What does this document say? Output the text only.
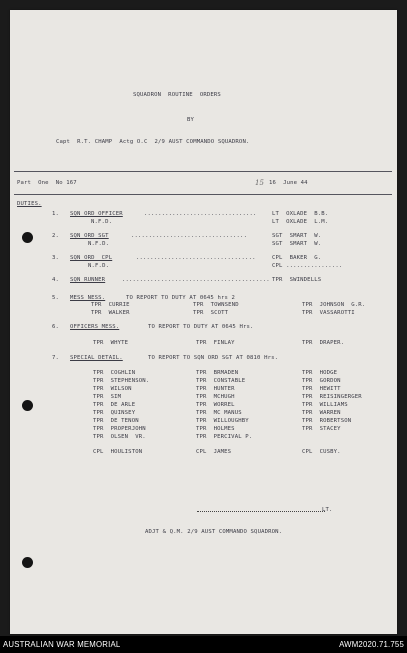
SQUADRON  ROUTINE  ORDERS
BY
Capt  R.T. CHAMP  Actg O.C  2/9 AUST COMMANDO SQUADRON.
Part  One  No 167	15 16  June 44
DUTIES.
1. SQN ORD OFFICER	................................	LT  OXLADE  B.B.
N.F.D.	LT  OXLADE  L.M.
2. SQN ORD SGT	.................................	SGT  SMART  W.
N.F.D.	SGT  SMART  W.
3. SQN ORD  CPL	..................................	CPL  BAKER  G.
N.F.D.	CPL ................
4. SQN RUNNER	.......................................... TPR  SWINDELLS
5. MESS NESS.	TO REPORT TO DUTY AT 0645 hrs 2
TPR  CURRIE	TPR  TOWNSEND	TPR  JOHNSON  G.R.
TPR  WALKER	TPR  SCOTT	TPR  VASSAROTTI
6. OFFICERS MESS.	TO REPORT TO DUTY AT 0645 Hrs.
TPR  WHYTE	TPR  FINLAY	TPR  DRAPER.
7. SPECIAL DETAIL.	TO REPORT TO SQN ORD SGT AT 0810 Hrs.
TPR  COGHLIN	TPR  BRMADEN	TPR  HODGE
TPR  STEPHENSON.	TPR  CONSTABLE	TPR  GORDON
TPR  WILSON	TPR  HUNTER	TPR  HEWITT
TPR  SIM	TPR  MCHUGH	TPR  REISINGERGER
TPR  DE ARLE	TPR  WORREL	TPR  WILLIAMS
TPR  QUINSEY	TPR  MC MANUS	TPR  WARREN
TPR  DE TENON	TPR  WILLOUGHBY	TPR  ROBERTSON
TPR  PROPERJOHN	TPR  HOLMES	TPR  STACEY
TPR  OLSEN  VR.	TPR  PERCIVAL P.
CPL  HOULISTON	CPL  JAMES	CPL  CUSBY.
LT.
ADJT & Q.M. 2/9 AUST COMMANDO SQUADRON.
AUSTRALIAN WAR MEMORIAL	AWM2020.71.755
